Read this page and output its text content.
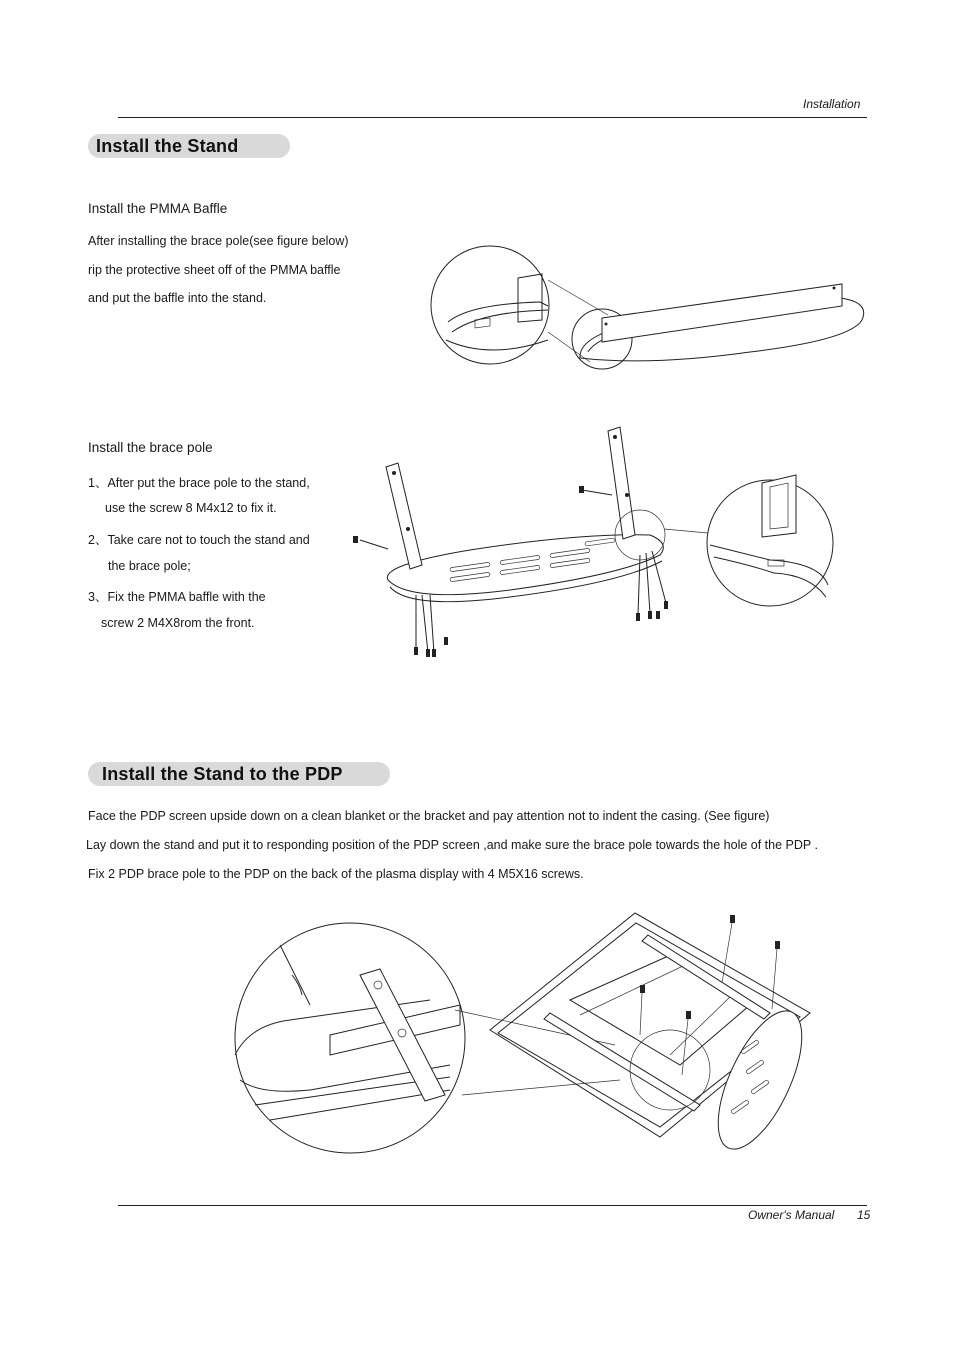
Installation
Install the Stand
Install the PMMA Baffle
After installing the brace pole(see figure below)
rip the protective sheet off of the PMMA baffle
and put the baffle into the stand.
Install the brace pole
1、After put the brace pole to the stand,
use the screw 8 M4x12 to fix it.
2、Take care not to touch the stand and
the brace pole;
3、Fix the PMMA baffle with the
screw 2 M4X8rom the front.
Install the Stand to the PDP
Face the PDP screen upside down on a clean blanket or the bracket and pay attention not to indent the casing. (See figure)
Lay down the stand and put it to responding position of the PDP screen ,and make sure the brace pole towards the hole of the PDP .
Fix 2 PDP brace pole to the PDP on the back of the plasma display with 4 M5X16 screws.
Owner's Manual 15
